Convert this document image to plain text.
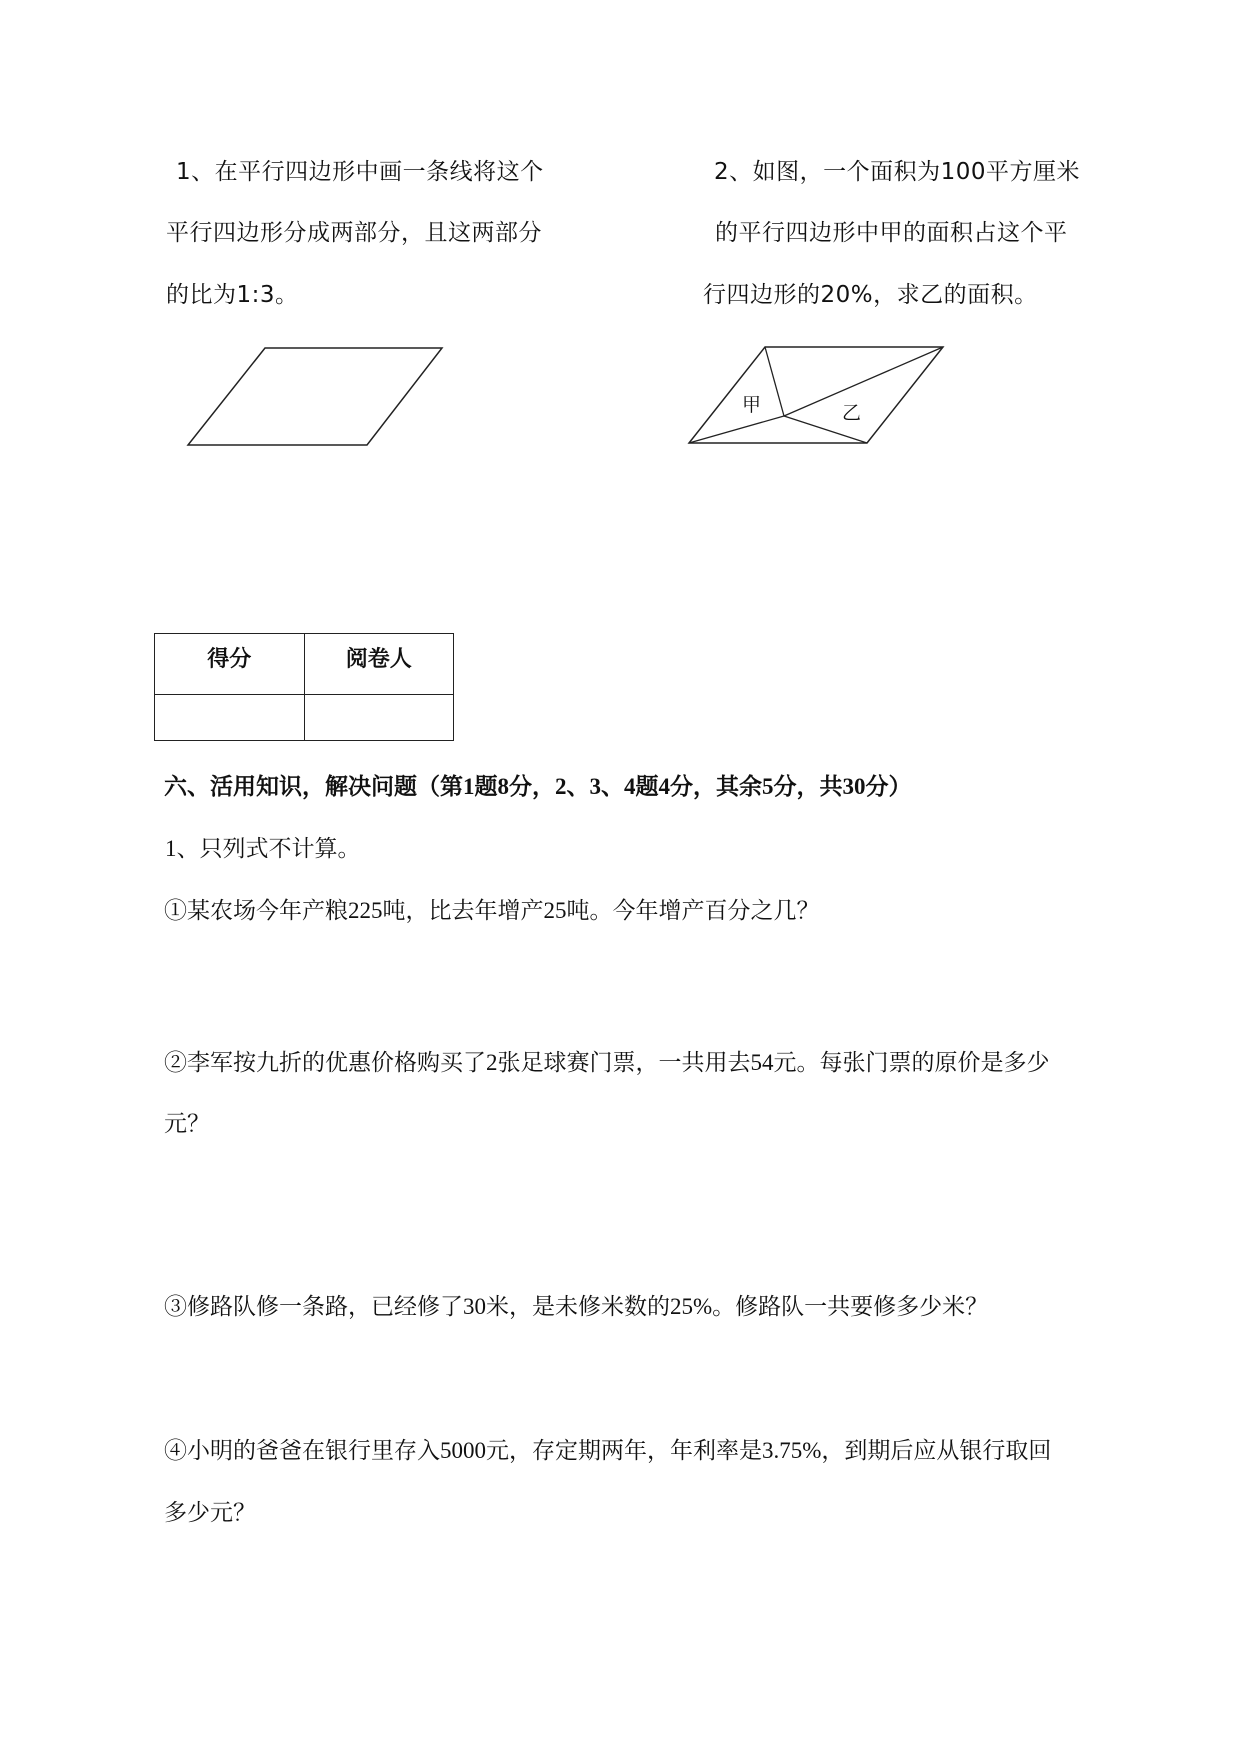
1、在平行四边形中画一条线将这个
平行四边形分成两部分，且这两部分
的比为1:3。
2、如图，一个面积为100平方厘米
的平行四边形中甲的面积占这个平
行四边形的20%，求乙的面积。
甲	乙
得分	阅卷人

六、活用知识，解决问题（第1题8分，2、3、4题4分，其余5分，共30分）
1、只列式不计算。
①某农场今年产粮225吨，比去年增产25吨。今年增产百分之几？
②李军按九折的优惠价格购买了2张足球赛门票，一共用去54元。每张门票的原价是多少
元？
③修路队修一条路，已经修了30米，是未修米数的25%。修路队一共要修多少米？
④小明的爸爸在银行里存入5000元，存定期两年，年利率是3.75%，到期后应从银行取回
多少元？
